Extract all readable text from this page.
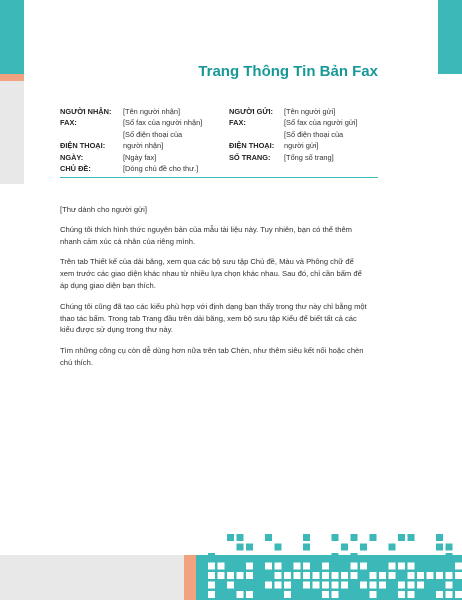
Trang Thông Tin Bản Fax
NGƯỜI NHẬN:	[Tên người nhận]
FAX:	[Số fax của người nhận]
[Số điện thoại của
ĐIỆN THOẠI:	người nhận]
NGÀY:	[Ngày fax]
CHỦ ĐỀ:	[Dòng chủ đề cho thư.]
NGƯỜI GỬI:	[Tên người gửi]
FAX:	[Số fax của người gửi]
[Số điện thoại của
ĐIỆN THOẠI:	người gửi]
SỐ TRANG:	[Tổng số trang]

[Thư dành cho người gửi]

Chúng tôi thích hình thức nguyên bản của mẫu tài liệu này. Tuy nhiên, bạn có thể thêm nhanh cảm xúc cá nhân của riêng mình.

Trên tab Thiết kế của dải băng, xem qua các bộ sưu tập Chủ đề, Màu và Phông chữ để xem trước các giao diện khác nhau từ nhiều lựa chọn khác nhau. Sau đó, chỉ cần bấm để áp dụng giao diện bạn thích.

Chúng tôi cũng đã tạo các kiểu phù hợp với định dạng bạn thấy trong thư này chỉ bằng một thao tác bấm. Trong tab Trang đầu trên dải băng, xem bộ sưu tập Kiểu để biết tất cả các kiểu được sử dụng trong thư này.

Tìm những công cụ còn dễ dùng hơn nữa trên tab Chèn, như thêm siêu kết nối hoặc chèn chú thích.
